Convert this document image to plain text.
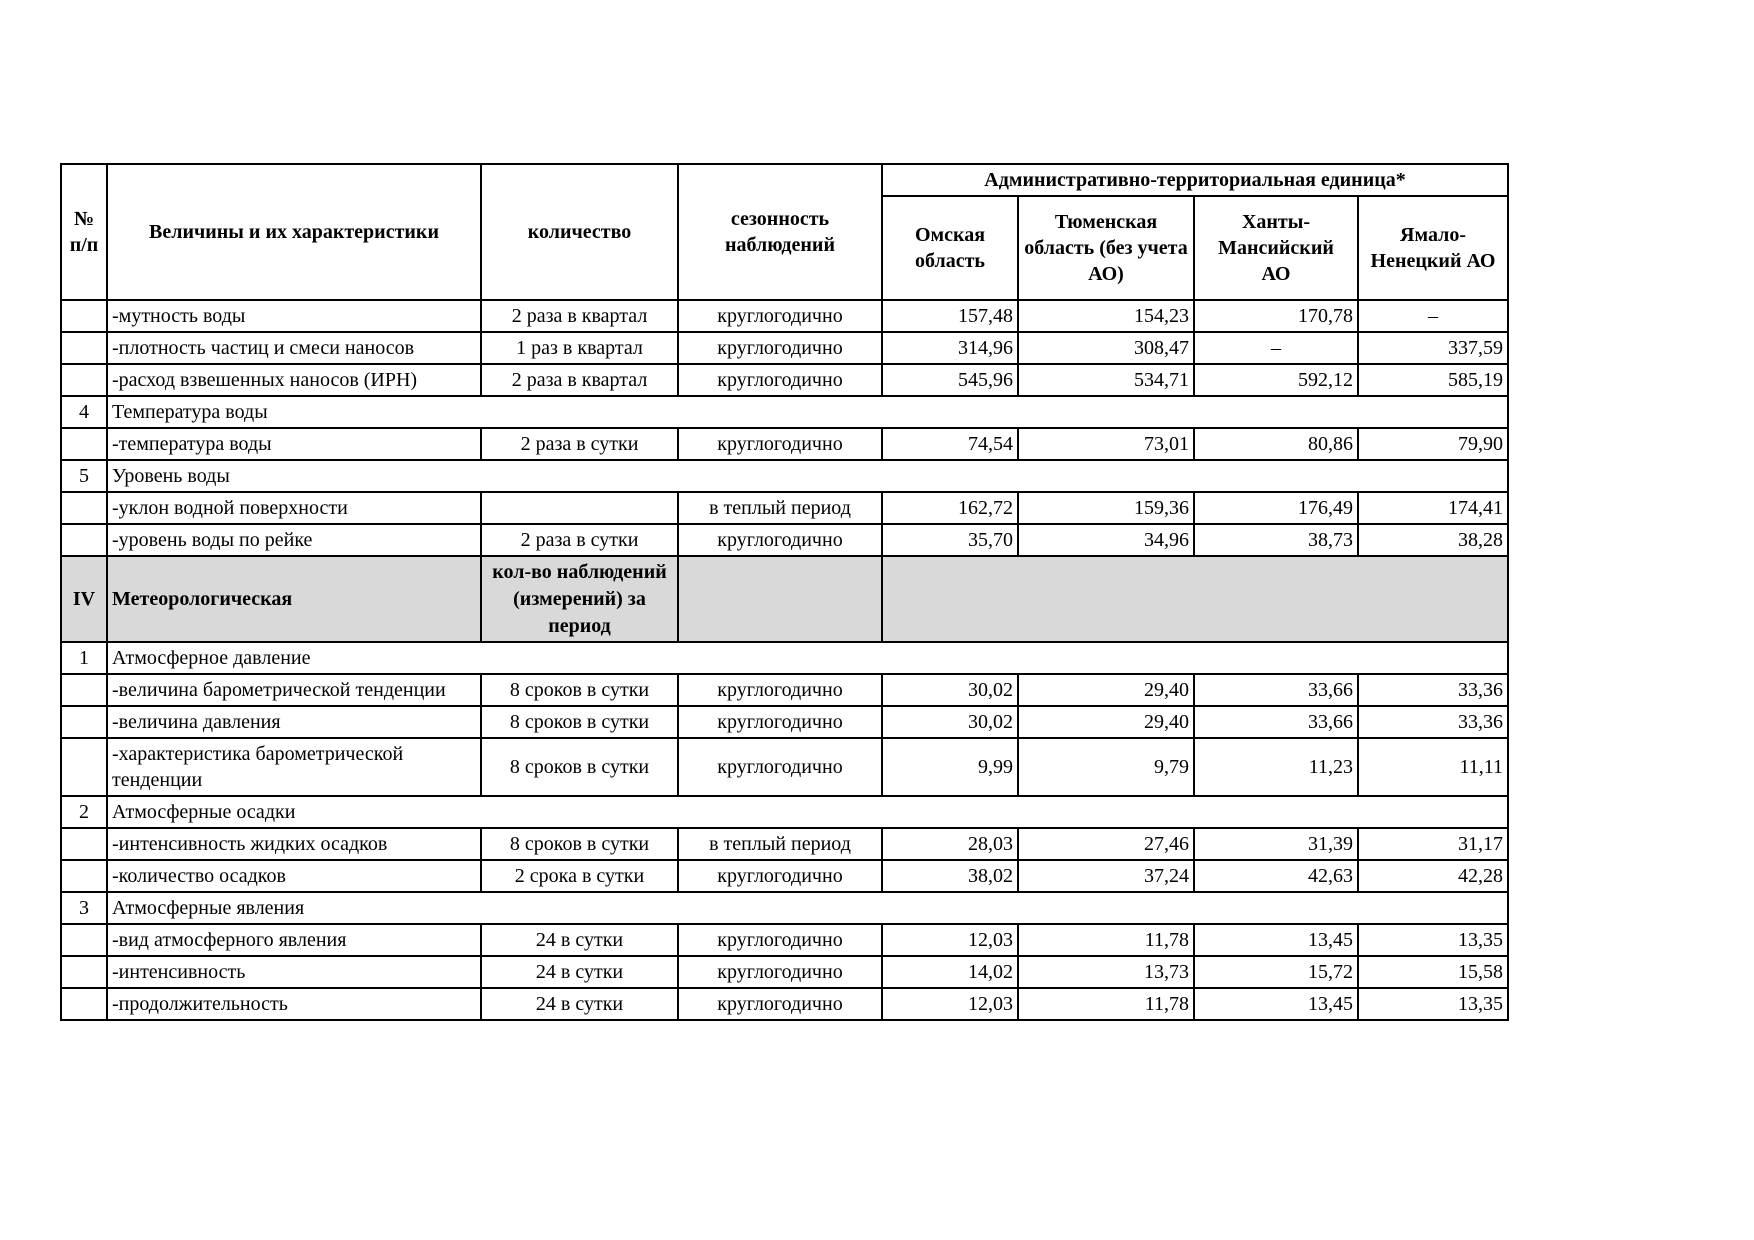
№ п/п	Величины и их характеристики	количество	сезонность наблюдений	Административно-территориальная единица*			
				Омская область	Тюменская область (без учета АО)	Ханты-Мансийский АО	Ямало-Ненецкий АО
	-мутность воды	2 раза в квартал	круглогодично	157,48	154,23	170,78	–
	-плотность частиц и смеси наносов	1 раз в квартал	круглогодично	314,96	308,47	–	337,59
	-расход взвешенных наносов (ИРН)	2 раза в квартал	круглогодично	545,96	534,71	592,12	585,19
4	Температура воды						
	-температура воды	2 раза в сутки	круглогодично	74,54	73,01	80,86	79,90
5	Уровень воды						
	-уклон водной поверхности		в теплый период	162,72	159,36	176,49	174,41
	-уровень воды по рейке	2 раза в сутки	круглогодично	35,70	34,96	38,73	38,28
IV	Метеорологическая	кол-во наблюдений (измерений) за период					
1	Атмосферное давление						
	-величина барометрической тенденции	8 сроков в сутки	круглогодично	30,02	29,40	33,66	33,36
	-величина давления	8 сроков в сутки	круглогодично	30,02	29,40	33,66	33,36
	-характеристика барометрической тенденции	8 сроков в сутки	круглогодично	9,99	9,79	11,23	11,11
2	Атмосферные осадки						
	-интенсивность жидких осадков	8 сроков в сутки	в теплый период	28,03	27,46	31,39	31,17
	-количество осадков	2 срока в сутки	круглогодично	38,02	37,24	42,63	42,28
3	Атмосферные явления						
	-вид атмосферного явления	24 в сутки	круглогодично	12,03	11,78	13,45	13,35
	-интенсивность	24 в сутки	круглогодично	14,02	13,73	15,72	15,58
	-продолжительность	24 в сутки	круглогодично	12,03	11,78	13,45	13,35
